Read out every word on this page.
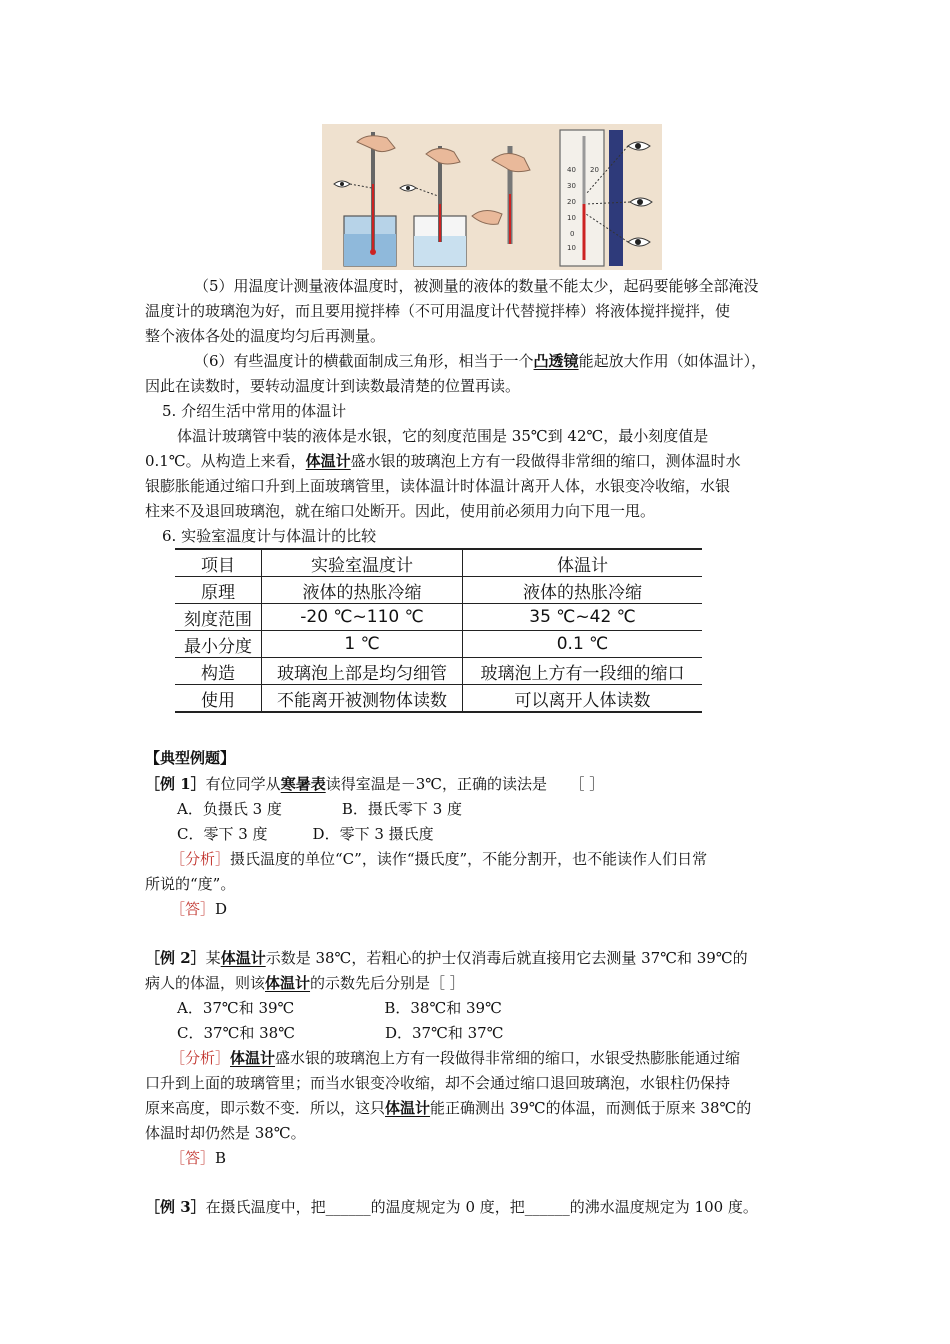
40
30
20
10
0
10
20
（5）用温度计测量液体温度时，被测量的液体的数量不能太少，起码要能够全部淹没
温度计的玻璃泡为好，而且要用搅拌棒（不可用温度计代替搅拌棒）将液体搅拌搅拌，使
整个液体各处的温度均匀后再测量。
（6）有些温度计的横截面制成三角形，相当于一个凸透镜能起放大作用（如体温计），
因此在读数时，要转动温度计到读数最清楚的位置再读。
5. 介绍生活中常用的体温计
体温计玻璃管中装的液体是水银，它的刻度范围是 35℃到 42℃，最小刻度值是
0.1℃。从构造上来看，体温计盛水银的玻璃泡上方有一段做得非常细的缩口，测体温时水
银膨胀能通过缩口升到上面玻璃管里，读体温计时体温计离开人体，水银变冷收缩，水银
柱来不及退回玻璃泡，就在缩口处断开。因此，使用前必须用力向下甩一甩。
6. 实验室温度计与体温计的比较
项目	实验室温度计	体温计
原理	液体的热胀冷缩	液体的热胀冷缩
刻度范围	-20 ℃~110 ℃	35 ℃~42 ℃
最小分度	1 ℃	0.1 ℃
构造	玻璃泡上部是均匀细管	玻璃泡上方有一段细的缩口
使用	不能离开被测物体读数	可以离开人体读数
【典型例题】
［例 1］有位同学从寒暑表读得室温是－3℃，正确的读法是　　［ ］
A．负摄氏 3 度　　　　B．摄氏零下 3 度
C．零下 3 度　　　D．零下 3 摄氏度
［分析］摄氏温度的单位“C”，读作“摄氏度”，不能分割开，也不能读作人们日常
所说的“度”。
［答］D
［例 2］某体温计示数是 38℃，若粗心的护士仅消毒后就直接用它去测量 37℃和 39℃的
病人的体温，则该体温计的示数先后分别是［ ］
A．37℃和 39℃　　　　　　B．38℃和 39℃
C．37℃和 38℃　　　　　　D．37℃和 37℃
［分析］体温计盛水银的玻璃泡上方有一段做得非常细的缩口，水银受热膨胀能通过缩
口升到上面的玻璃管里；而当水银变冷收缩，却不会通过缩口退回玻璃泡，水银柱仍保持
原来高度，即示数不变．所以，这只体温计能正确测出 39℃的体温，而测低于原来 38℃的
体温时却仍然是 38℃。
［答］B
［例 3］在摄氏温度中，把______的温度规定为 0 度，把______的沸水温度规定为 100 度。
